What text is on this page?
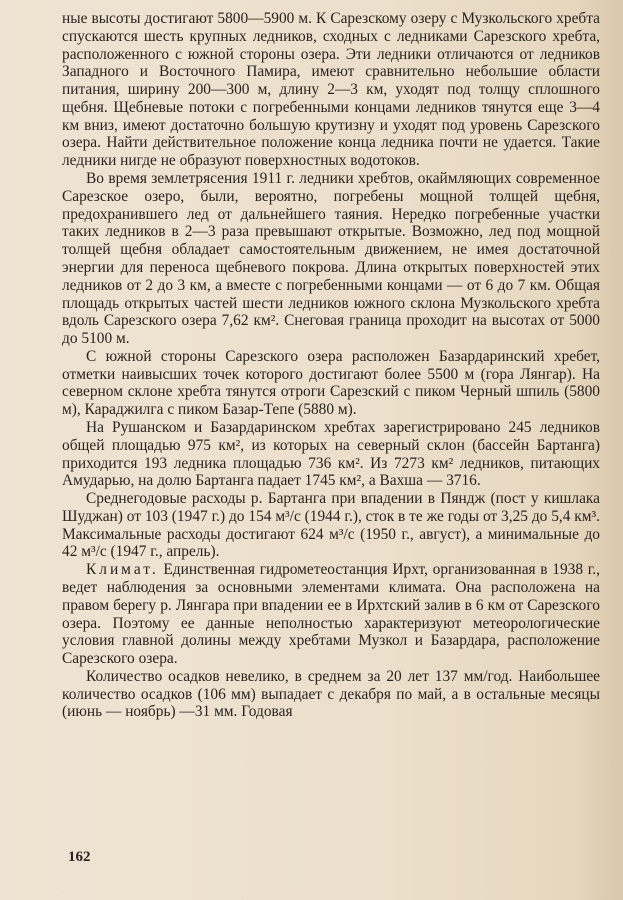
ные высоты достигают 5800—5900 м. К Сарезскому озеру с Музкольского хребта спускаются шесть крупных ледников, сходных с ледниками Сарезского хребта, расположенного с южной стороны озера. Эти ледники отличаются от ледников Западного и Восточного Памира, имеют сравнительно небольшие области питания, ширину 200—300 м, длину 2—3 км, уходят под толщу сплошного щебня. Щебневые потоки с погребенными концами ледников тянутся еще 3—4 км вниз, имеют достаточно большую крутизну и уходят под уровень Сарезского озера. Найти действительное положение конца ледника почти не удается. Такие ледники нигде не образуют поверхностных водотоков.

Во время землетрясения 1911 г. ледники хребтов, окаймляющих современное Сарезское озеро, были, вероятно, погребены мощной толщей щебня, предохранившего лед от дальнейшего таяния. Нередко погребенные участки таких ледников в 2—3 раза превышают открытые. Возможно, лед под мощной толщей щебня обладает самостоятельным движением, не имея достаточной энергии для переноса щебневого покрова. Длина открытых поверхностей этих ледников от 2 до 3 км, а вместе с погребенными концами — от 6 до 7 км. Общая площадь открытых частей шести ледников южного склона Музкольского хребта вдоль Сарезского озера 7,62 км². Снеговая граница проходит на высотах от 5000 до 5100 м.

С южной стороны Сарезского озера расположен Базардаринский хребет, отметки наивысших точек которого достигают более 5500 м (гора Лянгар). На северном склоне хребта тянутся отроги Сарезский с пиком Черный шпиль (5800 м), Караджилга с пиком Базар-Тепе (5880 м).

На Рушанском и Базардаринском хребтах зарегистрировано 245 ледников общей площадью 975 км², из которых на северный склон (бассейн Бартанга) приходится 193 ледника площадью 736 км². Из 7273 км² ледников, питающих Амударью, на долю Бартанга падает 1745 км², а Вахша — 3716.

Среднегодовые расходы р. Бартанга при впадении в Пяндж (пост у кишлака Шуджан) от 103 (1947 г.) до 154 м³/с (1944 г.), сток в те же годы от 3,25 до 5,4 км³. Максимальные расходы достигают 624 м³/с (1950 г., август), а минимальные до 42 м³/с (1947 г., апрель).

Климат. Единственная гидрометеостанция Ирхт, организованная в 1938 г., ведет наблюдения за основными элементами климата. Она расположена на правом берегу р. Лянгара при впадении ее в Ирхтский залив в 6 км от Сарезского озера. Поэтому ее данные неполностью характеризуют метеорологические условия главной долины между хребтами Музкол и Базардара, расположение Сарезского озера.

Количество осадков невелико, в среднем за 20 лет 137 мм/год. Наибольшее количество осадков (106 мм) выпадает с декабря по май, а в остальные месяцы (июнь — ноябрь) —31 мм. Годовая

162
